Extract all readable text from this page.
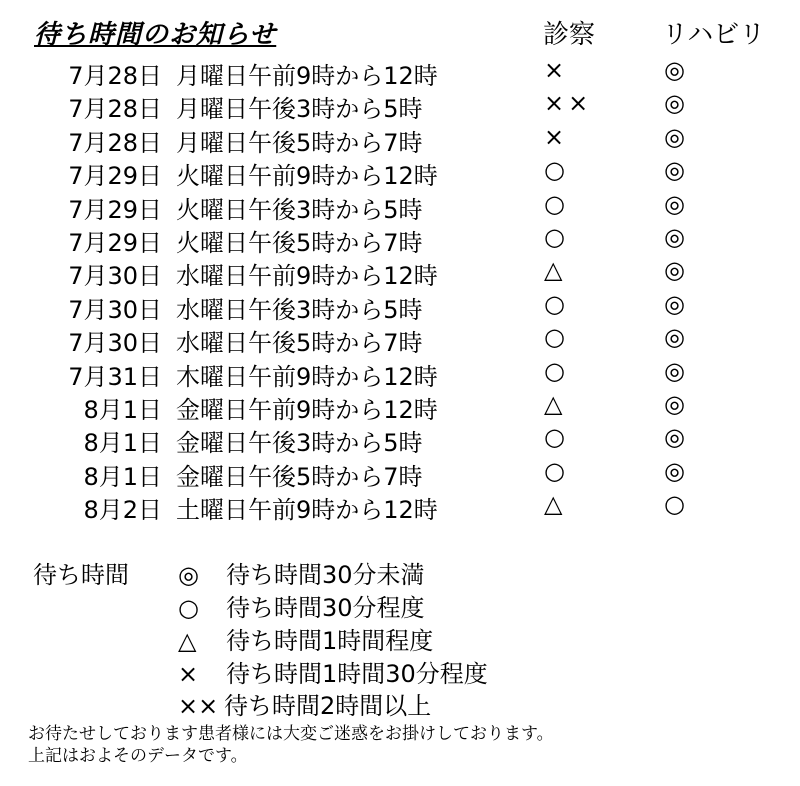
待ち時間のお知らせ	診察	リハビリ
7月28日 月曜日午前9時から12時	×	◎
7月28日 月曜日午後3時から5時	××	◎
7月28日 月曜日午後5時から7時	×	◎
7月29日 火曜日午前9時から12時	○	◎
7月29日 火曜日午後3時から5時	○	◎
7月29日 火曜日午後5時から7時	○	◎
7月30日 水曜日午前9時から12時	△	◎
7月30日 水曜日午後3時から5時	○	◎
7月30日 水曜日午後5時から7時	○	◎
7月31日 木曜日午前9時から12時	○	◎
8月1日 金曜日午前9時から12時	△	◎
8月1日 金曜日午後3時から5時	○	◎
8月1日 金曜日午後5時から7時	○	◎
8月2日 土曜日午前9時から12時	△	○
待ち時間 ◎ 待ち時間30分未満
○ 待ち時間30分程度
△ 待ち時間1時間程度
× 待ち時間1時間30分程度
×× 待ち時間2時間以上
お待たせしております患者様には大変ご迷惑をお掛けしております。
上記はおよそのデータです。
